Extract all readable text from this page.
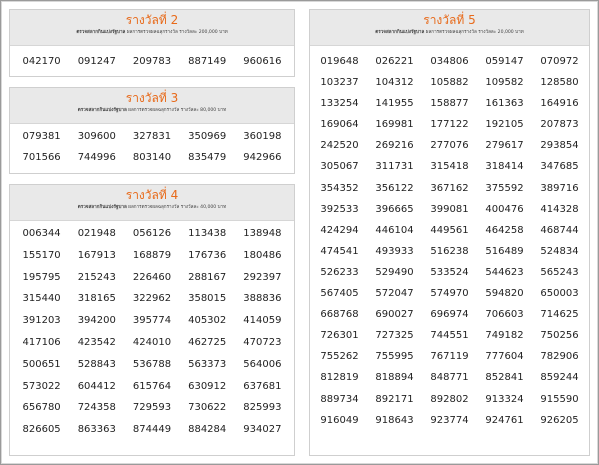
รางวัลที่ 2
ตรวจสลากกินแบ่งรัฐบาล ผลการตรวจผลฉลุกรางวัล รางวัลละ 200,000 บาท
042170	091247	209783	887149	960616
รางวัลที่ 3
ตรวจสลากกินแบ่งรัฐบาล ผลการตรวจผลฉลุกรางวัล รางวัลละ 80,000 บาท
079381	309600	327831	350969	360198
701566	744996	803140	835479	942966
รางวัลที่ 4
ตรวจสลากกินแบ่งรัฐบาล ผลการตรวจผลฉลุกรางวัล รางวัลละ 40,000 บาท
006344	021948	056126	113438	138948
155170	167913	168879	176736	180486
195795	215243	226460	288167	292397
315440	318165	322962	358015	388836
391203	394200	395774	405302	414059
417106	423542	424010	462725	470723
500651	528843	536788	563373	564006
573022	604412	615764	630912	637681
656780	724358	729593	730622	825993
826605	863363	874449	884284	934027
รางวัลที่ 5
ตรวจสลากกินแบ่งรัฐบาล ผลการตรวจผลฉลุกรางวัล รางวัลละ 20,000 บาท
019648	026221	034806	059147	070972
103237	104312	105882	109582	128580
133254	141955	158877	161363	164916
169064	169981	177122	192105	207873
242520	269216	277076	279617	293854
305067	311731	315418	318414	347685
354352	356122	367162	375592	389716
392533	396665	399081	400476	414328
424294	446104	449561	464258	468744
474541	493933	516238	516489	524834
526233	529490	533524	544623	565243
567405	572047	574970	594820	650003
668768	690027	696974	706603	714625
726301	727325	744551	749182	750256
755262	755995	767119	777604	782906
812819	818894	848771	852841	859244
889734	892171	892802	913324	915590
916049	918643	923774	924761	926205
